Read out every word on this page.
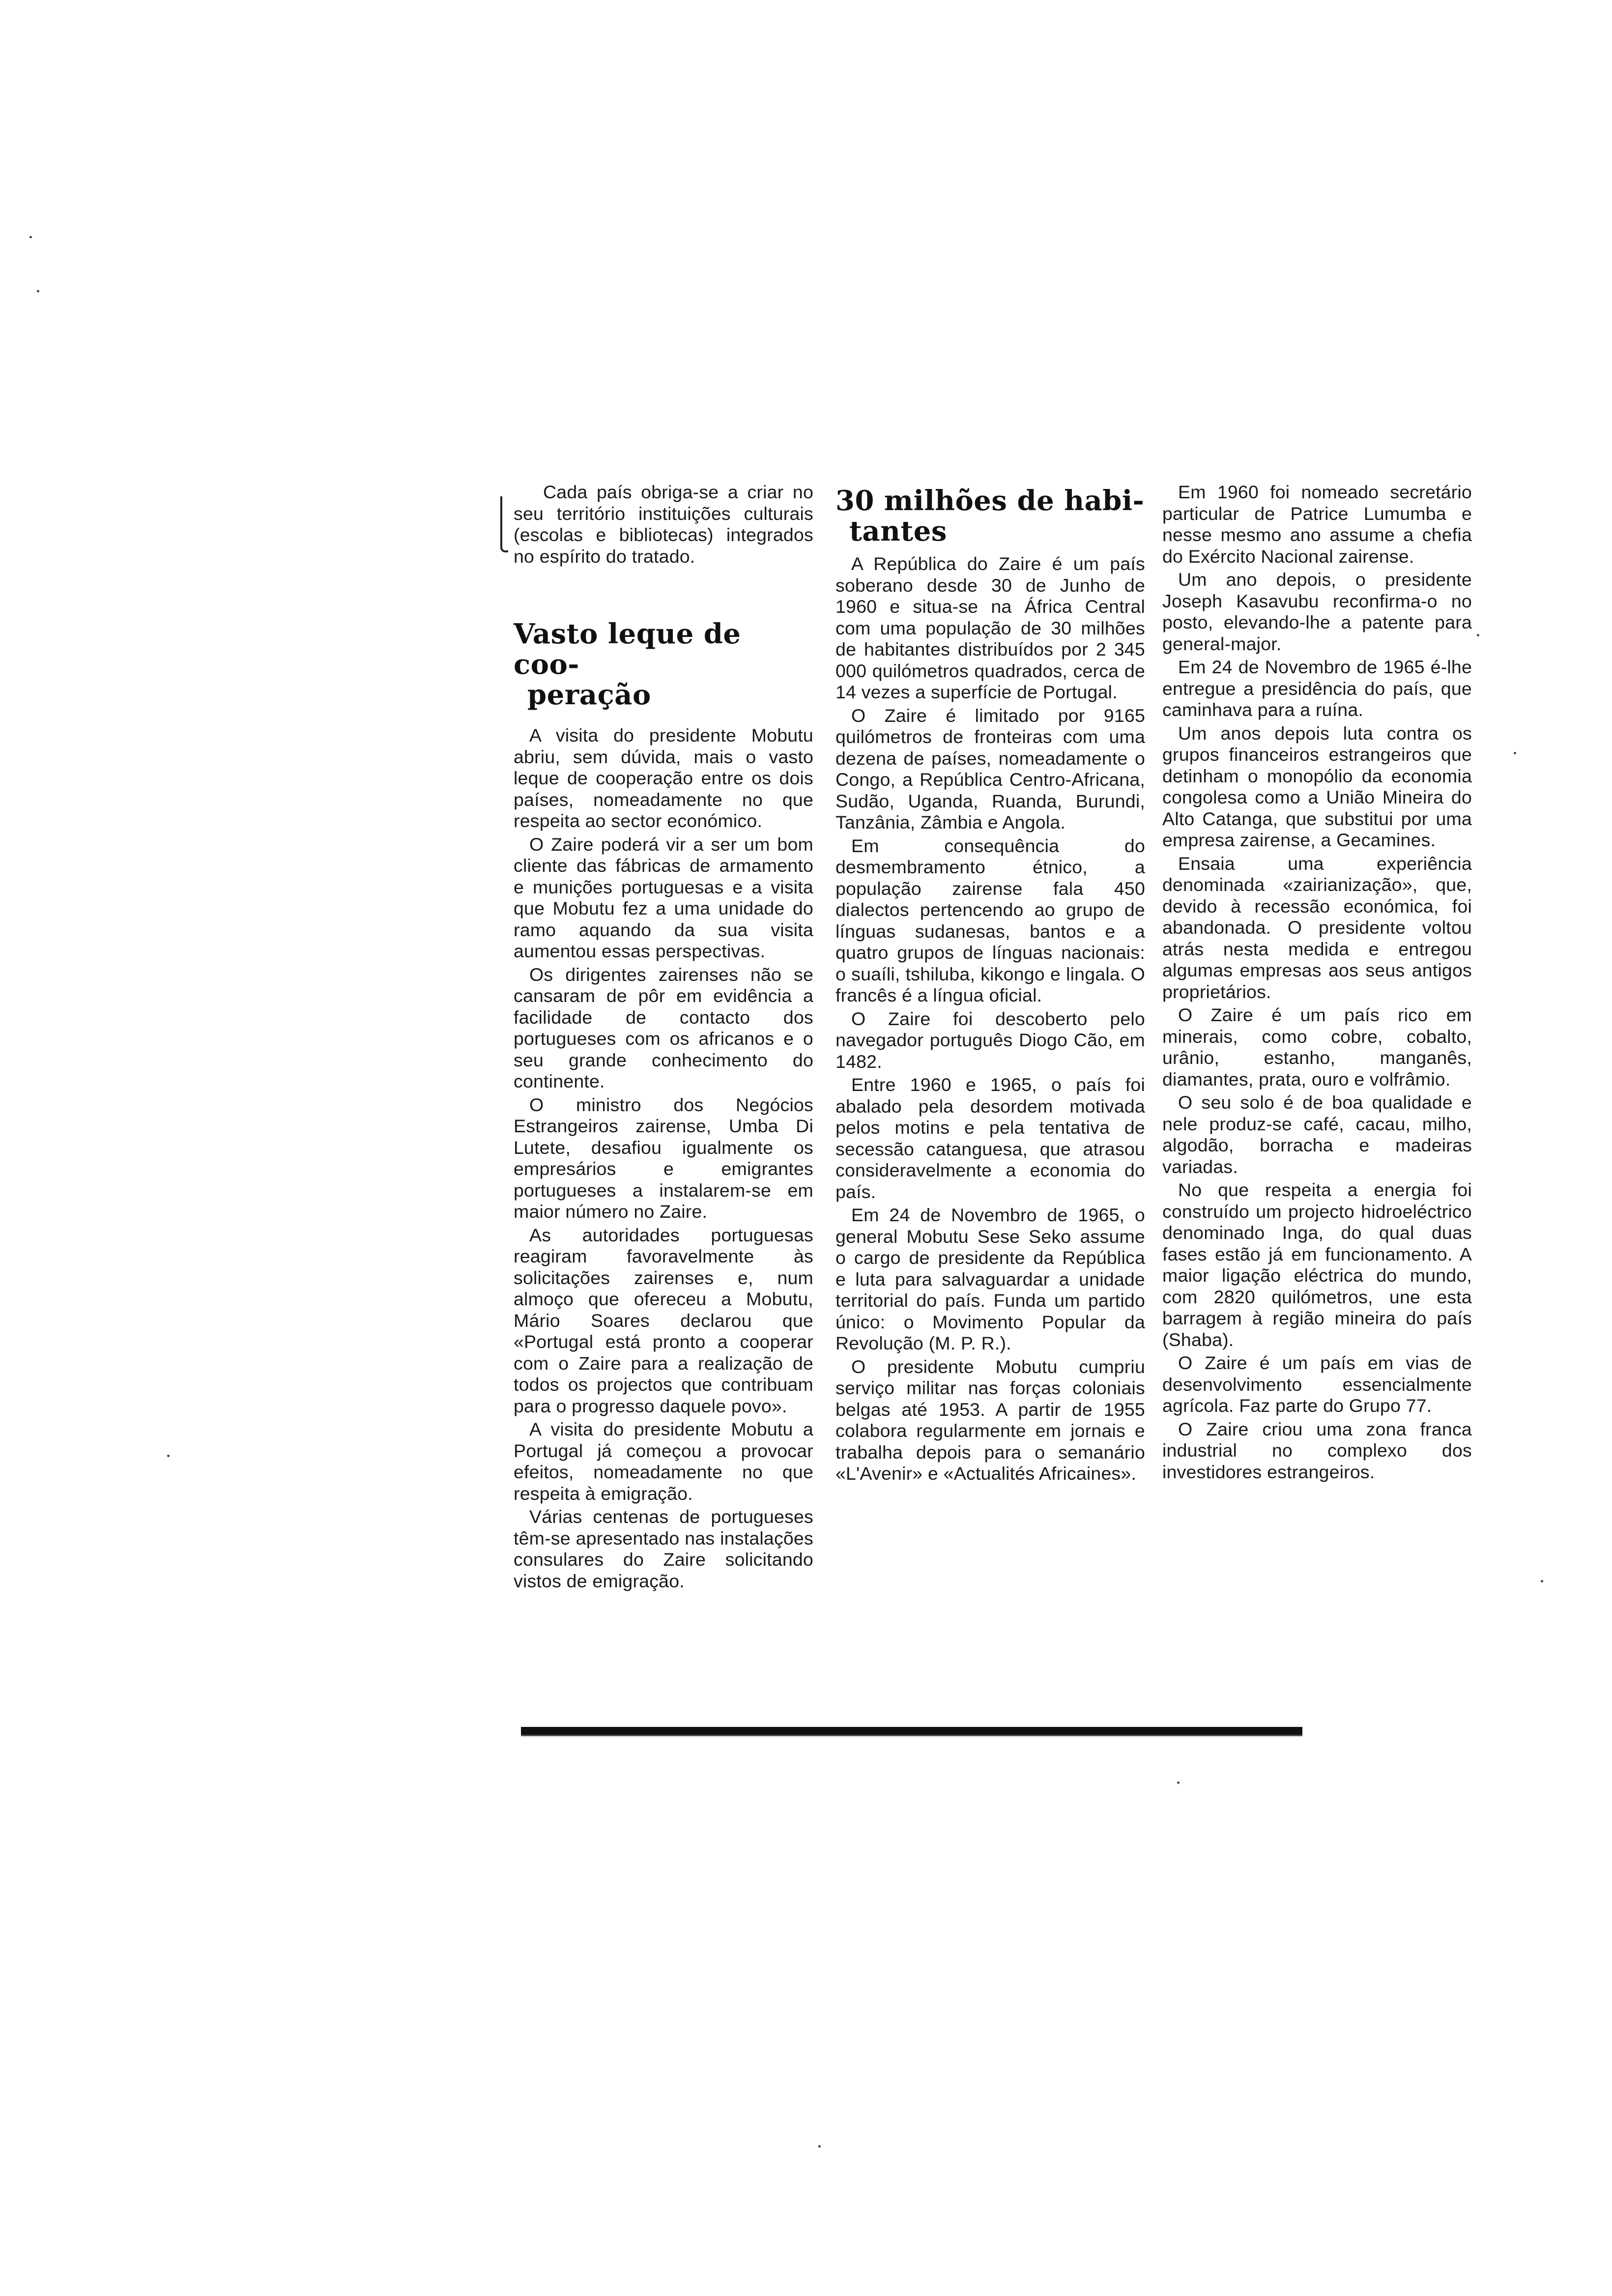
Cada país obriga-se a criar no seu território instituições culturais (escolas e bibliotecas) integrados no espírito do tratado.

Vasto leque de coo-
peração

A visita do presidente Mobutu abriu, sem dúvida, mais o vasto leque de cooperação entre os dois países, nomeadamente no que respeita ao sector económico.

O Zaire poderá vir a ser um bom cliente das fábricas de armamento e munições portuguesas e a visita que Mobutu fez a uma unidade do ramo aquando da sua visita aumentou essas perspectivas.

Os dirigentes zairenses não se cansaram de pôr em evidência a facilidade de contacto dos portugueses com os africanos e o seu grande conhecimento do continente.

O ministro dos Negócios Estrangeiros zairense, Umba Di Lutete, desafiou igualmente os empresários e emigrantes portugueses a instalarem-se em maior número no Zaire.

As autoridades portuguesas reagiram favoravelmente às solicitações zairenses e, num almoço que ofereceu a Mobutu, Mário Soares declarou que «Portugal está pronto a cooperar com o Zaire para a realização de todos os projectos que contribuam para o progresso daquele povo».

A visita do presidente Mobutu a Portugal já começou a provocar efeitos, nomeadamente no que respeita à emigração.

Várias centenas de portugueses têm-se apresentado nas instalações consulares do Zaire solicitando vistos de emigração.

30 milhões de habi-
tantes

A República do Zaire é um país soberano desde 30 de Junho de 1960 e situa-se na África Central com uma população de 30 milhões de habitantes distribuídos por 2 345 000 quilómetros quadrados, cerca de 14 vezes a superfície de Portugal.

O Zaire é limitado por 9165 quilómetros de fronteiras com uma dezena de países, nomeadamente o Congo, a República Centro-Africana, Sudão, Uganda, Ruanda, Burundi, Tanzânia, Zâmbia e Angola.

Em consequência do desmembramento étnico, a população zairense fala 450 dialectos pertencendo ao grupo de línguas sudanesas, bantos e a quatro grupos de línguas nacionais: o suaíli, tshiluba, kikongo e lingala. O francês é a língua oficial.

O Zaire foi descoberto pelo navegador português Diogo Cão, em 1482.

Entre 1960 e 1965, o país foi abalado pela desordem motivada pelos motins e pela tentativa de secessão catanguesa, que atrasou consideravelmente a economia do país.

Em 24 de Novembro de 1965, o general Mobutu Sese Seko assume o cargo de presidente da República e luta para salvaguardar a unidade territorial do país. Funda um partido único: o Movimento Popular da Revolução (M. P. R.).

O presidente Mobutu cumpriu serviço militar nas forças coloniais belgas até 1953. A partir de 1955 colabora regularmente em jornais e trabalha depois para o semanário «L'Avenir» e «Actualités Africaines».

Em 1960 foi nomeado secretário particular de Patrice Lumumba e nesse mesmo ano assume a chefia do Exército Nacional zairense.

Um ano depois, o presidente Joseph Kasavubu reconfirma-o no posto, elevando-lhe a patente para general-major.

Em 24 de Novembro de 1965 é-lhe entregue a presidência do país, que caminhava para a ruína.

Um anos depois luta contra os grupos financeiros estrangeiros que detinham o monopólio da economia congolesa como a União Mineira do Alto Catanga, que substitui por uma empresa zairense, a Gecamines.

Ensaia uma experiência denominada «zairianização», que, devido à recessão económica, foi abandonada. O presidente voltou atrás nesta medida e entregou algumas empresas aos seus antigos proprietários.

O Zaire é um país rico em minerais, como cobre, cobalto, urânio, estanho, manganês, diamantes, prata, ouro e volfrâmio.

O seu solo é de boa qualidade e nele produz-se café, cacau, milho, algodão, borracha e madeiras variadas.

No que respeita a energia foi construído um projecto hidroeléctrico denominado Inga, do qual duas fases estão já em funcionamento. A maior ligação eléctrica do mundo, com 2820 quilómetros, une esta barragem à região mineira do país (Shaba).

O Zaire é um país em vias de desenvolvimento essencialmente agrícola. Faz parte do Grupo 77.

O Zaire criou uma zona franca industrial no complexo dos investidores estrangeiros.
